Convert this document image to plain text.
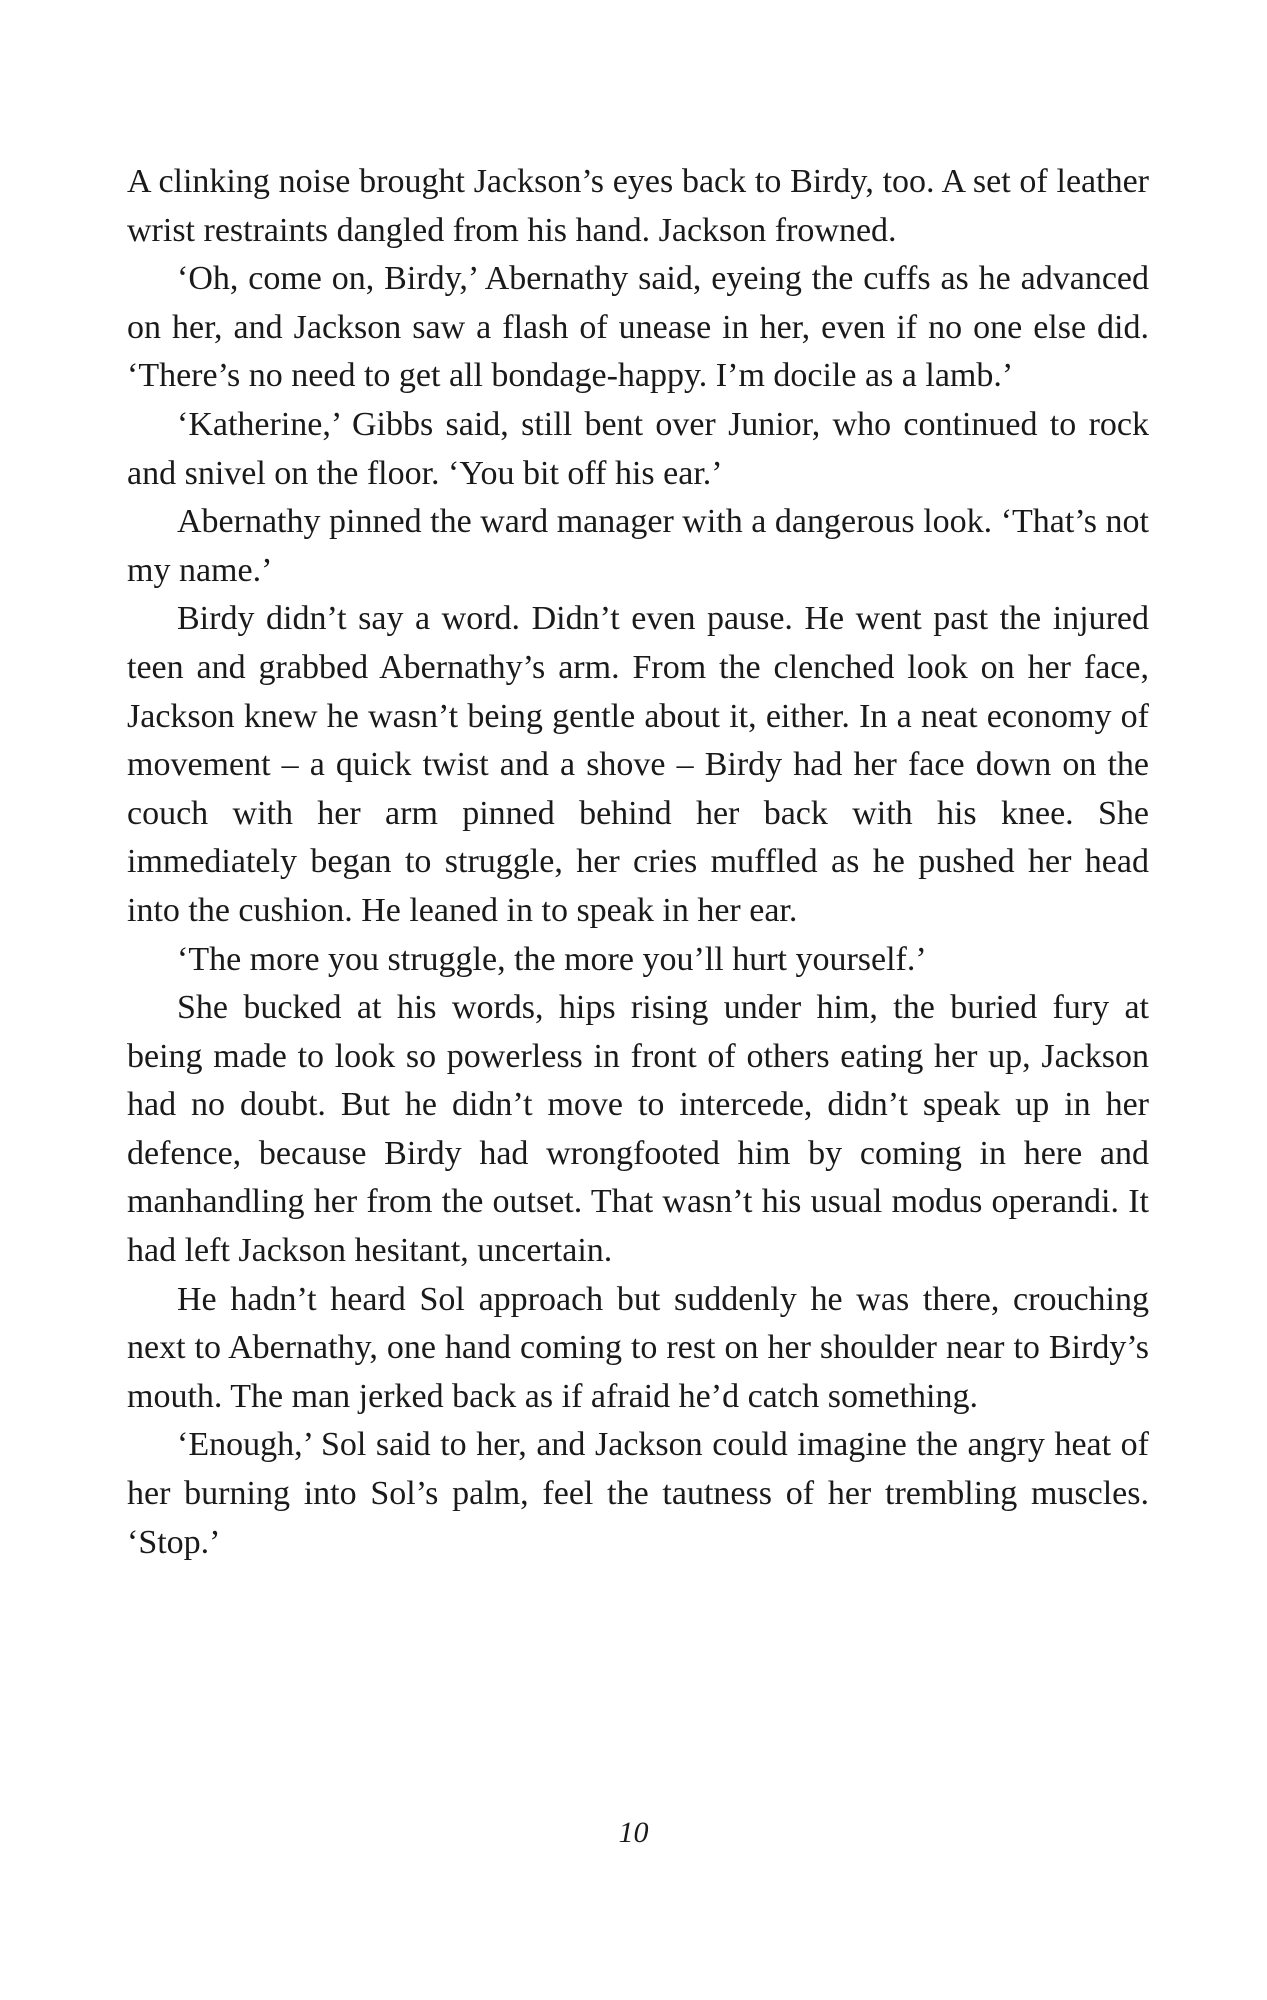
A clinking noise brought Jackson’s eyes back to Birdy, too. A set of leather wrist restraints dangled from his hand. Jackson frowned.

‘Oh, come on, Birdy,’ Abernathy said, eyeing the cuffs as he advanced on her, and Jackson saw a flash of unease in her, even if no one else did. ‘There’s no need to get all bondage-happy. I’m docile as a lamb.’

‘Katherine,’ Gibbs said, still bent over Junior, who continued to rock and snivel on the floor. ‘You bit off his ear.’

Abernathy pinned the ward manager with a dangerous look. ‘That’s not my name.’

Birdy didn’t say a word. Didn’t even pause. He went past the injured teen and grabbed Abernathy’s arm. From the clenched look on her face, Jackson knew he wasn’t being gentle about it, either. In a neat economy of movement – a quick twist and a shove – Birdy had her face down on the couch with her arm pinned behind her back with his knee. She immediately began to struggle, her cries muffled as he pushed her head into the cushion. He leaned in to speak in her ear.

‘The more you struggle, the more you’ll hurt yourself.’

She bucked at his words, hips rising under him, the buried fury at being made to look so powerless in front of others eating her up, Jackson had no doubt. But he didn’t move to intercede, didn’t speak up in her defence, because Birdy had wrongfooted him by coming in here and manhandling her from the outset. That wasn’t his usual modus operandi. It had left Jackson hesitant, uncertain.

He hadn’t heard Sol approach but suddenly he was there, crouching next to Abernathy, one hand coming to rest on her shoulder near to Birdy’s mouth. The man jerked back as if afraid he’d catch something.

‘Enough,’ Sol said to her, and Jackson could imagine the angry heat of her burning into Sol’s palm, feel the tautness of her trembling muscles. ‘Stop.’

10
